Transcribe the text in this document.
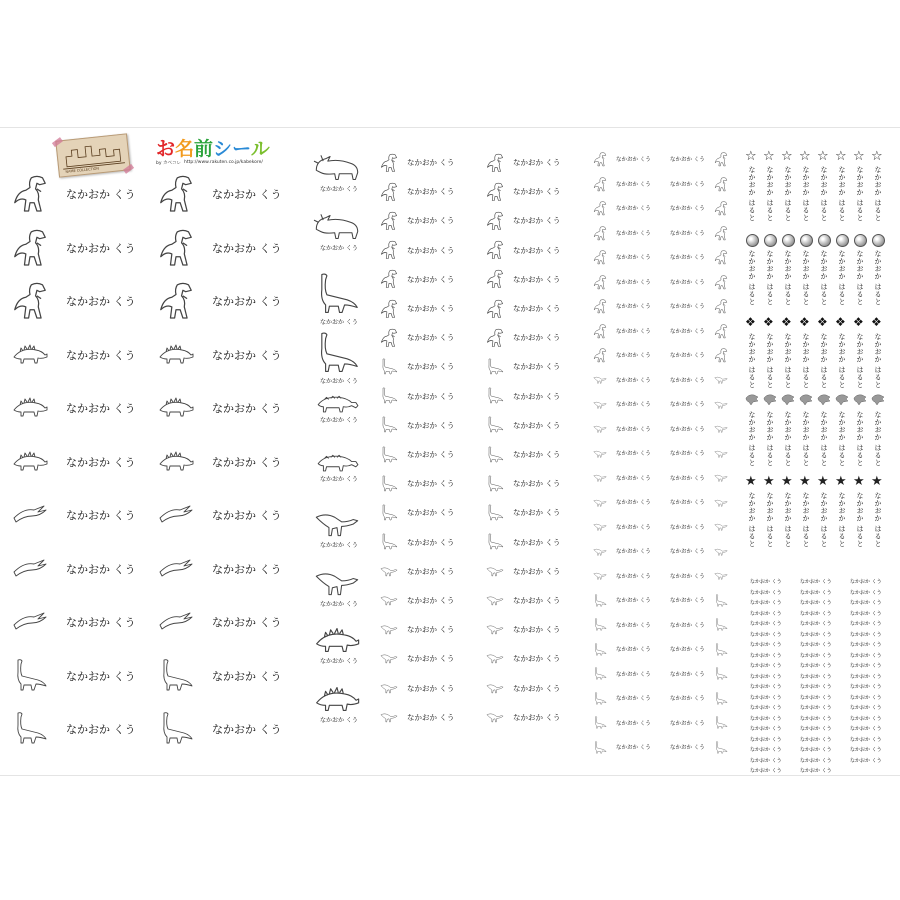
NAME COLLECTION
お名前シール
by カベコレ http://www.rakuten.co.jp/kabekore/
なかおか くう	なかおか くう
なかおか くう	なかおか くう
なかおか くう	なかおか くう
なかおか くう	なかおか くう
なかおか くう	なかおか くう
なかおか くう	なかおか くう
なかおか くう	なかおか くう
なかおか くう	なかおか くう
なかおか くう	なかおか くう
なかおか くう	なかおか くう
なかおか くう	なかおか くう
なかおか くう
なかおか くう
なかおか くう
なかおか くう
なかおか くう
なかおか くう
なかおか くう
なかおか くう
なかおか くう
なかおか くう
なかおか くう	なかおか くう
なかおか くう	なかおか くう
なかおか くう	なかおか くう
なかおか くう	なかおか くう
なかおか くう	なかおか くう
なかおか くう	なかおか くう
なかおか くう	なかおか くう
なかおか くう	なかおか くう
なかおか くう	なかおか くう
なかおか くう	なかおか くう
なかおか くう	なかおか くう
なかおか くう	なかおか くう
なかおか くう	なかおか くう
なかおか くう	なかおか くう
なかおか くう	なかおか くう
なかおか くう	なかおか くう
なかおか くう	なかおか くう
なかおか くう	なかおか くう
なかおか くう	なかおか くう
なかおか くう	なかおか くう
なかおか くう	なかおか くう
なかおか くう	なかおか くう
なかおか くう	なかおか くう
なかおか くう	なかおか くう
なかおか くう	なかおか くう
なかおか くう	なかおか くう
なかおか くう	なかおか くう
なかおか くう	なかおか くう
なかおか くう	なかおか くう
なかおか くう	なかおか くう
なかおか くう	なかおか くう
なかおか くう	なかおか くう
なかおか くう	なかおか くう
なかおか くう	なかおか くう
なかおか くう	なかおか くう
なかおか くう	なかおか くう
なかおか くう	なかおか くう
なかおか くう	なかおか くう
なかおか くう	なかおか くう
なかおか くう	なかおか くう
なかおか くう	なかおか くう
なかおか くう	なかおか くう
なかおか くう	なかおか くう
なかおか くう	なかおか くう
なかおか くう	なかおか くう
☆
なかおか はると
☆
なかおか はると
☆
なかおか はると
☆
なかおか はると
☆
なかおか はると
☆
なかおか はると
☆
なかおか はると
☆
なかおか はると
なかおか はると なかおか はると なかおか はると なかおか はると なかおか はると なかおか はると なかおか はると なかおか はると
❖
なかおか はると
❖
なかおか はると
❖
なかおか はると
❖
なかおか はると
❖
なかおか はると
❖
なかおか はると
❖
なかおか はると
❖
なかおか はると
なかおか はると なかおか はると なかおか はると なかおか はると なかおか はると なかおか はると なかおか はると なかおか はると
★
なかおか はると
★
なかおか はると
★
なかおか はると
★
なかおか はると
★
なかおか はると
★
なかおか はると
★
なかおか はると
★
なかおか はると
なかおか くう	なかおか くう	なかおか くう
なかおか くう	なかおか くう	なかおか くう
なかおか くう	なかおか くう	なかおか くう
なかおか くう	なかおか くう	なかおか くう
なかおか くう	なかおか くう	なかおか くう
なかおか くう	なかおか くう	なかおか くう
なかおか くう	なかおか くう	なかおか くう
なかおか くう	なかおか くう	なかおか くう
なかおか くう	なかおか くう	なかおか くう
なかおか くう	なかおか くう	なかおか くう
なかおか くう	なかおか くう	なかおか くう
なかおか くう	なかおか くう	なかおか くう
なかおか くう	なかおか くう	なかおか くう
なかおか くう	なかおか くう	なかおか くう
なかおか くう	なかおか くう	なかおか くう
なかおか くう	なかおか くう	なかおか くう
なかおか くう	なかおか くう	なかおか くう
なかおか くう	なかおか くう	なかおか くう
なかおか くう	なかおか くう
